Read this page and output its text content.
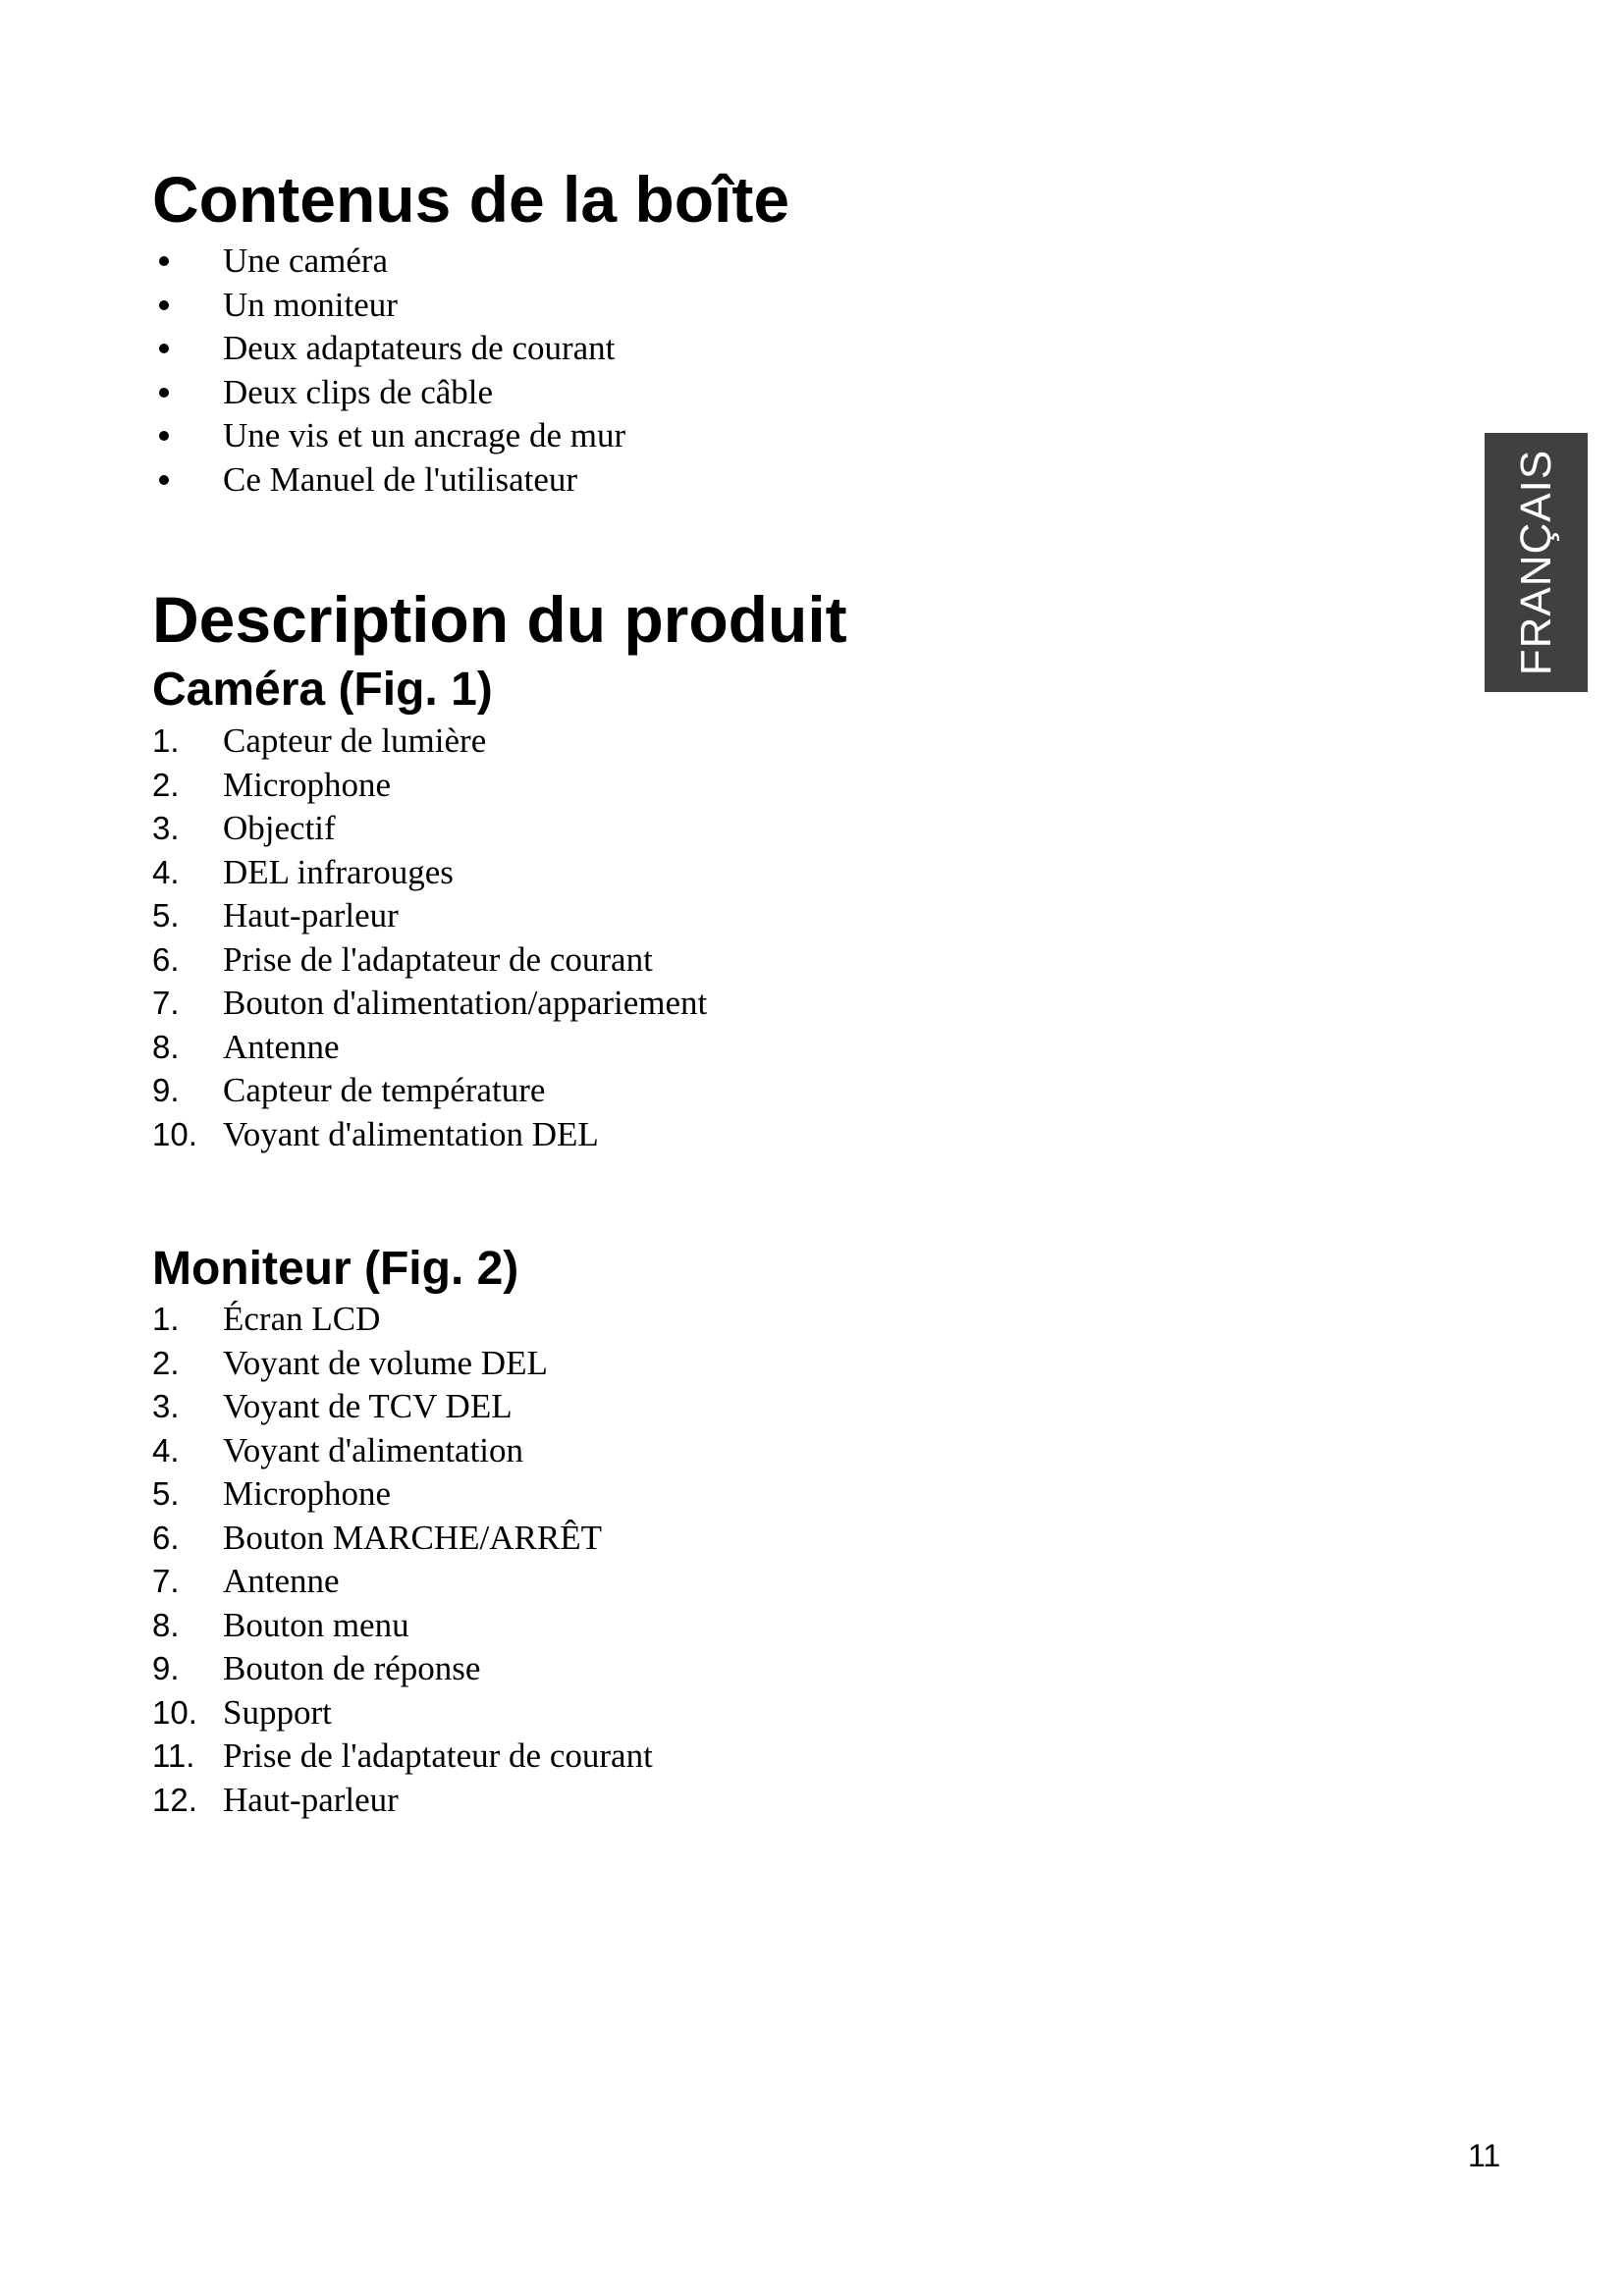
Contenus de la boîte
Une caméra
Un moniteur
Deux adaptateurs de courant
Deux clips de câble
Une vis et un ancrage de mur
Ce Manuel de l'utilisateur
Description du produit
Caméra (Fig. 1)
1. Capteur de lumière
2. Microphone
3. Objectif
4. DEL infrarouges
5. Haut-parleur
6. Prise de l'adaptateur de courant
7. Bouton d'alimentation/appariement
8. Antenne
9. Capteur de température
10. Voyant d'alimentation DEL
Moniteur (Fig. 2)
1. Écran LCD
2. Voyant de volume DEL
3. Voyant de TCV DEL
4. Voyant d'alimentation
5. Microphone
6. Bouton MARCHE/ARRÊT
7. Antenne
8. Bouton menu
9. Bouton de réponse
10. Support
11. Prise de l'adaptateur de courant
12. Haut-parleur
FRANÇAIS
11
